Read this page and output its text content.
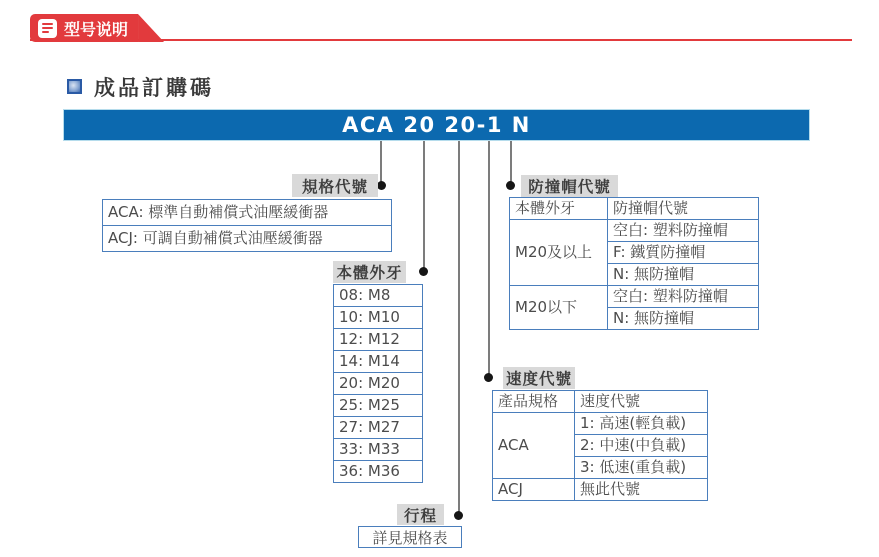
型号说明
成品訂購碼
ACA 20 20-1 N
規格代號
本體外牙
行程
速度代號
防撞帽代號
ACA: 標準自動補償式油壓緩衝器
ACJ: 可調自動補償式油壓緩衝器
08: M8
10: M10
12: M12
14: M14
20: M20
25: M25
27: M27
33: M33
36: M36
詳見規格表
產品規格	速度代號
ACA	1: 高速(輕負載)
	2: 中速(中負載)
	3: 低速(重負載)
ACJ	無此代號
本體外牙	防撞帽代號
M20及以上	空白: 塑料防撞帽
	F: 鐵質防撞帽
	N: 無防撞帽
M20以下	空白: 塑料防撞帽
	N: 無防撞帽
